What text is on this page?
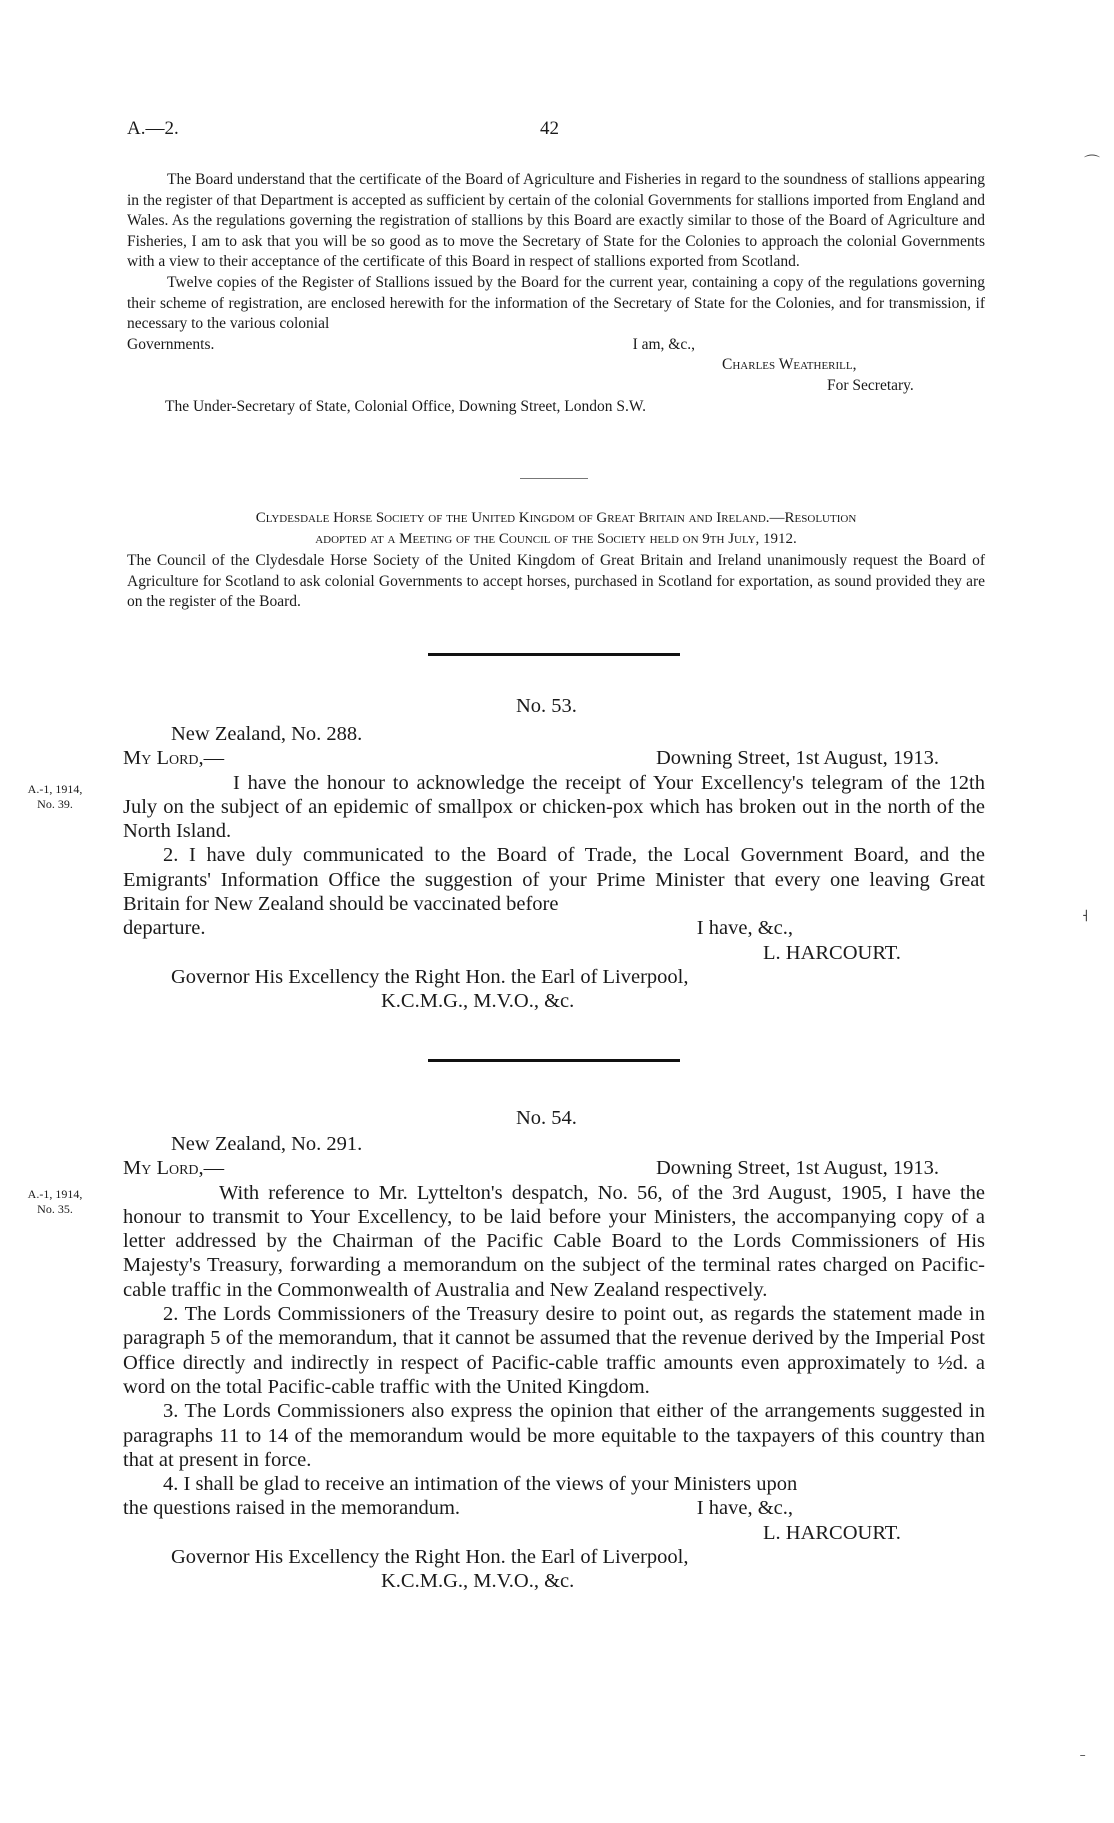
A.—2.	42

The Board understand that the certificate of the Board of Agriculture and Fisheries in regard to the soundness of stallions appearing in the register of that Department is accepted as sufficient by certain of the colonial Governments for stallions imported from England and Wales. As the regulations governing the registration of stallions by this Board are exactly similar to those of the Board of Agriculture and Fisheries, I am to ask that you will be so good as to move the Secretary of State for the Colonies to approach the colonial Governments with a view to their acceptance of the certificate of this Board in respect of stallions exported from Scotland.

Twelve copies of the Register of Stallions issued by the Board for the current year, containing a copy of the regulations governing their scheme of registration, are enclosed herewith for the information of the Secretary of State for the Colonies, and for transmission, if necessary to the various colonial

Governments.	I am, &c.,
Charles Weatherill,
For Secretary.
The Under-Secretary of State, Colonial Office, Downing Street, London S.W.
Clydesdale Horse Society of the United Kingdom of Great Britain and Ireland.—Resolution
adopted at a Meeting of the Council of the Society held on 9th July, 1912.

The Council of the Clydesdale Horse Society of the United Kingdom of Great Britain and Ireland unanimously request the Board of Agriculture for Scotland to ask colonial Governments to accept horses, purchased in Scotland for exportation, as sound provided they are on the register of the Board.

No. 53.
A.-1, 1914,
No. 39.
New Zealand, No. 288.
My Lord,—	Downing Street, 1st August, 1913.

I have the honour to acknowledge the receipt of Your Excellency's telegram of the 12th July on the subject of an epidemic of smallpox or chicken-pox which has broken out in the north of the North Island.

2. I have duly communicated to the Board of Trade, the Local Government Board, and the Emigrants' Information Office the suggestion of your Prime Minister that every one leaving Great Britain for New Zealand should be vaccinated before

departure.	I have, &c.,
L. HARCOURT.
Governor His Excellency the Right Hon. the Earl of Liverpool,
K.C.M.G., M.V.O., &c.
No. 54.
A.-1, 1914,
No. 35.
New Zealand, No. 291.
My Lord,—	Downing Street, 1st August, 1913.

With reference to Mr. Lyttelton's despatch, No. 56, of the 3rd August, 1905, I have the honour to transmit to Your Excellency, to be laid before your Ministers, the accompanying copy of a letter addressed by the Chairman of the Pacific Cable Board to the Lords Commissioners of His Majesty's Treasury, forwarding a memorandum on the subject of the terminal rates charged on Pacific-cable traffic in the Commonwealth of Australia and New Zealand respectively.

2. The Lords Commissioners of the Treasury desire to point out, as regards the statement made in paragraph 5 of the memorandum, that it cannot be assumed that the revenue derived by the Imperial Post Office directly and indirectly in respect of Pacific-cable traffic amounts even approximately to ½d. a word on the total Pacific-cable traffic with the United Kingdom.

3. The Lords Commissioners also express the opinion that either of the arrangements suggested in paragraphs 11 to 14 of the memorandum would be more equitable to the taxpayers of this country than that at present in force.

4. I shall be glad to receive an intimation of the views of your Ministers upon

the questions raised in the memorandum.	I have, &c.,
L. HARCOURT.
Governor His Excellency the Right Hon. the Earl of Liverpool,
K.C.M.G., M.V.O., &c.
⌒
˧
ˉ
